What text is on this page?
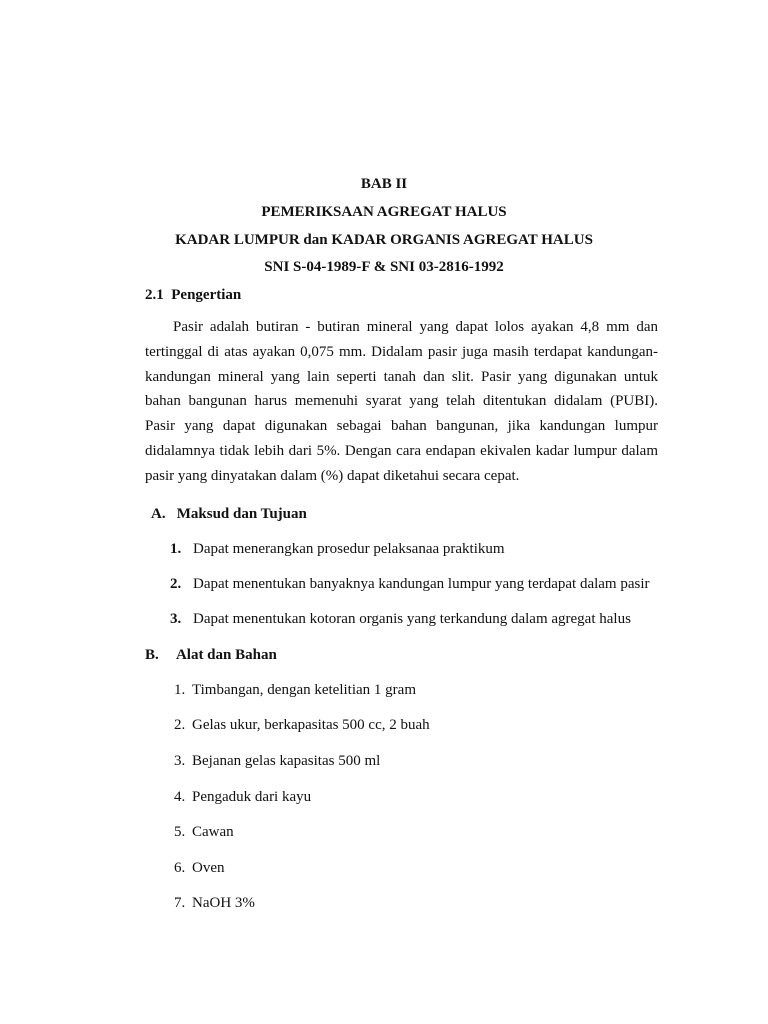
BAB II
PEMERIKSAAN AGREGAT HALUS
KADAR LUMPUR dan KADAR ORGANIS AGREGAT HALUS
SNI S-04-1989-F & SNI 03-2816-1992
2.1 Pengertian
Pasir adalah butiran - butiran mineral yang dapat lolos ayakan 4,8 mm dan
tertinggal di atas ayakan 0,075 mm. Didalam pasir juga masih terdapat kandungan-
kandungan mineral yang lain seperti tanah dan slit. Pasir yang digunakan untuk
bahan bangunan harus memenuhi syarat yang telah ditentukan didalam (PUBI).
Pasir yang dapat digunakan sebagai bahan bangunan, jika kandungan lumpur
didalamnya tidak lebih dari 5%. Dengan cara endapan ekivalen kadar lumpur dalam
pasir yang dinyatakan dalam (%) dapat diketahui secara cepat.
A. Maksud dan Tujuan
1. Dapat menerangkan prosedur pelaksanaa praktikum
2. Dapat menentukan banyaknya kandungan lumpur yang terdapat dalam pasir
3. Dapat menentukan kotoran organis yang terkandung dalam agregat halus
B. Alat dan Bahan
1. Timbangan, dengan ketelitian 1 gram
2. Gelas ukur, berkapasitas 500 cc, 2 buah
3. Bejanan gelas kapasitas 500 ml
4. Pengaduk dari kayu
5. Cawan
6. Oven
7. NaOH 3%
